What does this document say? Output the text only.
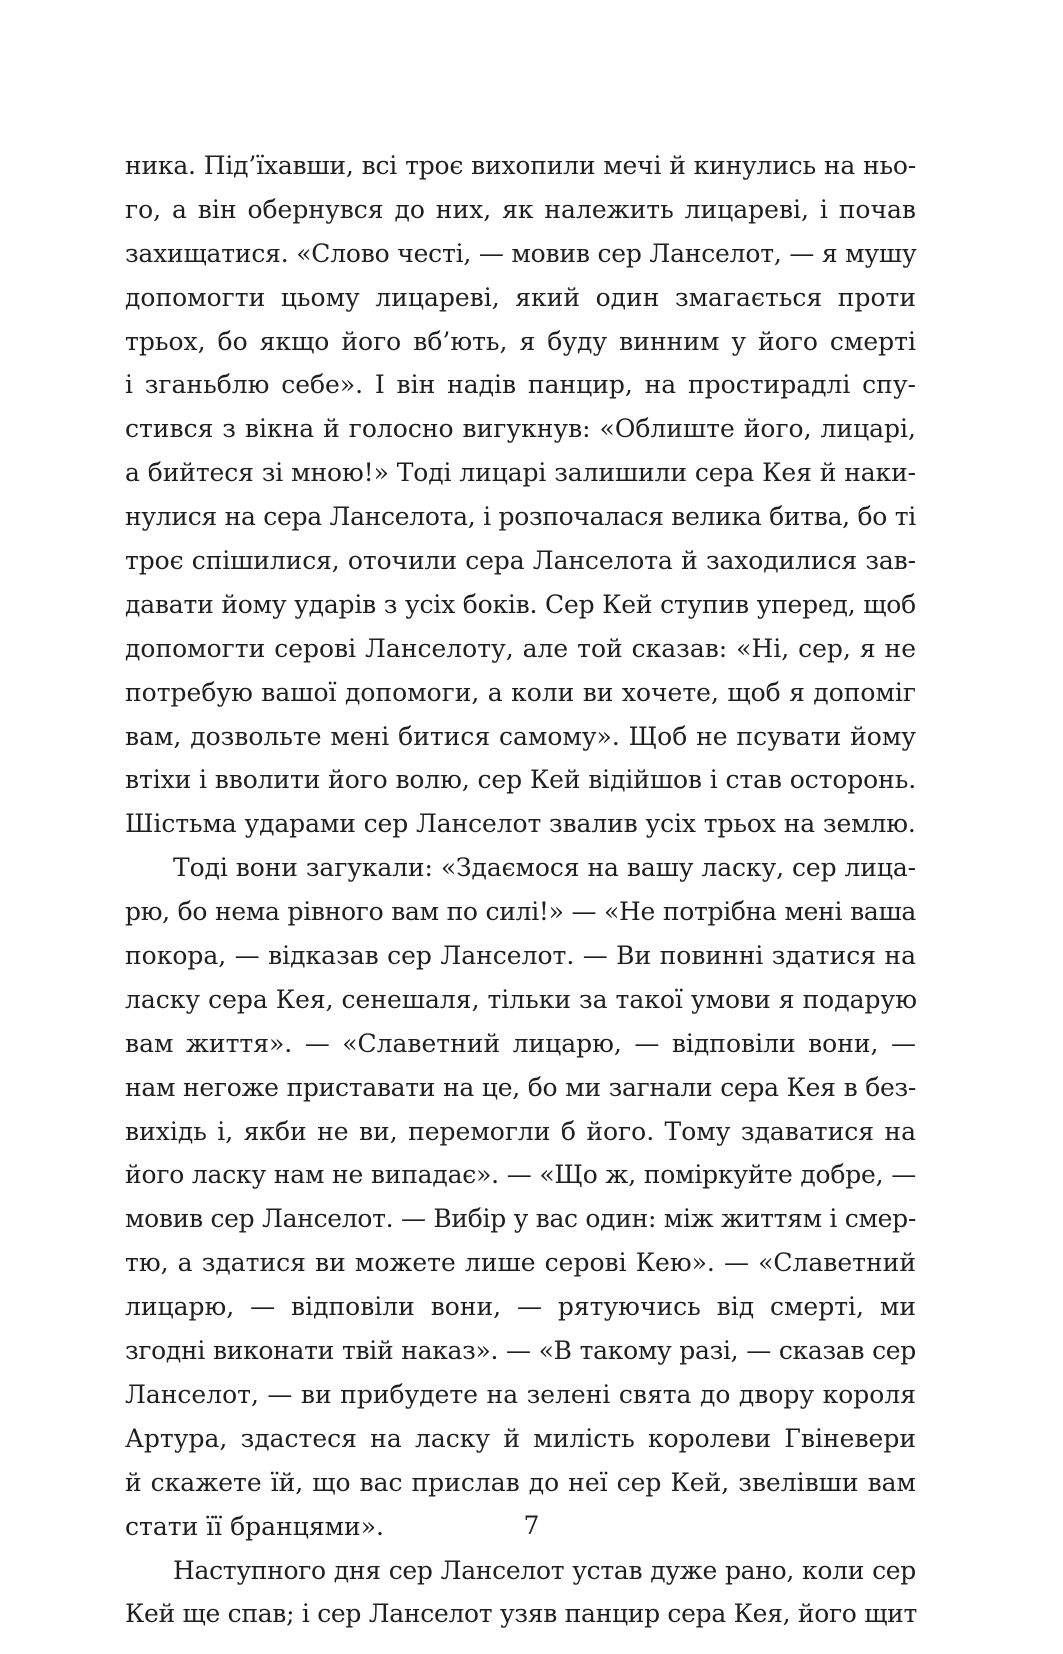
ника. Під’їхавши, всі троє вихопили мечі й кинулись на ньо-
го, а він обернувся до них, як належить лицареві, і почав
захищатися. «Слово честі, — мовив сер Ланселот, — я мушу
допомогти цьому лицареві, який один змагається проти
трьох, бо якщо його вб’ють, я буду винним у його смерті
і зганьблю себе». І він надів панцир, на простирадлі спу-
стився з вікна й голосно вигукнув: «Облиште його, лицарі,
а бийтеся зі мною!» Тоді лицарі залишили сера Кея й наки-
нулися на сера Ланселота, і розпочалася велика битва, бо ті
троє спішилися, оточили сера Ланселота й заходилися зав-
давати йому ударів з усіх боків. Сер Кей ступив уперед, щоб
допомогти серові Ланселоту, але той сказав: «Ні, сер, я не
потребую вашої допомоги, а коли ви хочете, щоб я допоміг
вам, дозвольте мені битися самому». Щоб не псувати йому
втіхи і вволити його волю, сер Кей відійшов і став осторонь.
Шістьма ударами сер Ланселот звалив усіх трьох на землю.
Тоді вони загукали: «Здаємося на вашу ласку, сер лица-
рю, бо нема рівного вам по силі!» — «Не потрібна мені ваша
покора, — відказав сер Ланселот. — Ви повинні здатися на
ласку сера Кея, сенешаля, тільки за такої умови я подарую
вам життя». — «Славетний лицарю, — відповіли вони, —
нам негоже приставати на це, бо ми загнали сера Кея в без-
вихідь і, якби не ви, перемогли б його. Тому здаватися на
його ласку нам не випадає». — «Що ж, поміркуйте добре, —
мовив сер Ланселот. — Вибір у вас один: між життям і смер-
тю, а здатися ви можете лише серові Кею». — «Славетний
лицарю, — відповіли вони, — рятуючись від смерті, ми
згодні виконати твій наказ». — «В такому разі, — сказав сер
Ланселот, — ви прибудете на зелені свята до двору короля
Артура, здастеся на ласку й милість королеви Гвіневери
й скажете їй, що вас прислав до неї сер Кей, звелівши вам
стати її бранцями».
Наступного дня сер Ланселот устав дуже рано, коли сер
Кей ще спав; і сер Ланселот узяв панцир сера Кея, його щит
7
